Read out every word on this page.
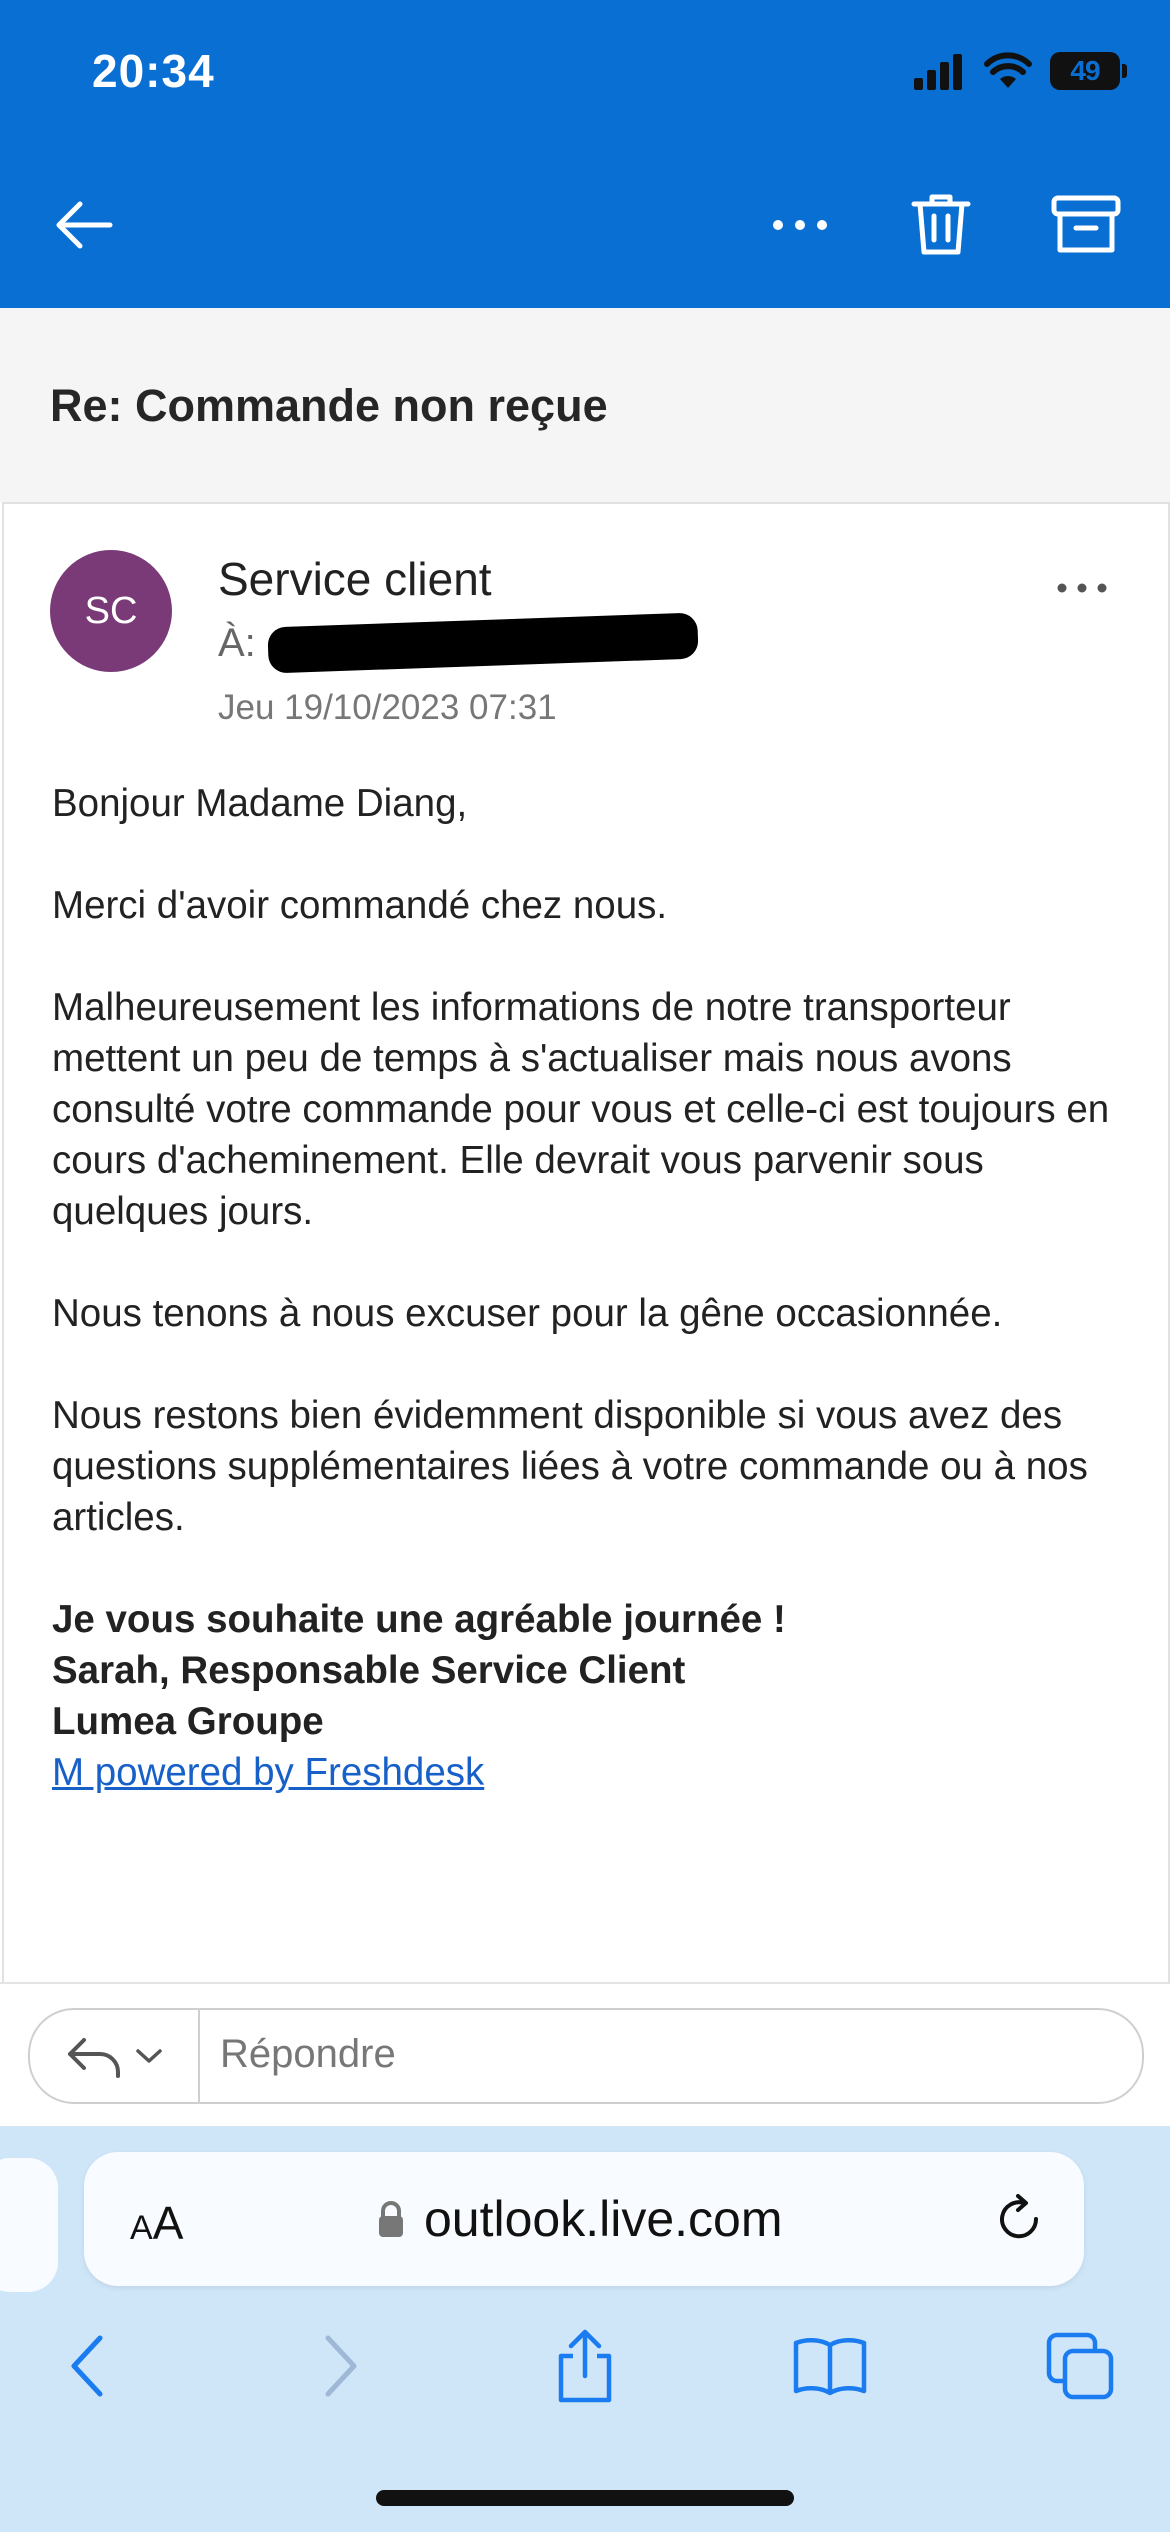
20:34	49
Re: Commande non reçue
SC
Service client
À:
Jeu 19/10/2023 07:31

Bonjour Madame Diang,

Merci d'avoir commandé chez nous.

Malheureusement les informations de notre transporteur mettent un peu de temps à s'actualiser mais nous avons consulté votre commande pour vous et celle-ci est toujours en cours d'acheminement. Elle devrait vous parvenir sous quelques jours.

Nous tenons à nous excuser pour la gêne occasionnée.

Nous restons bien évidemment disponible si vous avez des questions supplémentaires liées à votre commande ou à nos articles.

Je vous souhaite une agréable journée !
Sarah, Responsable Service Client
Lumea Groupe
M powered by Freshdesk
Répondre
AA	outlook.live.com
